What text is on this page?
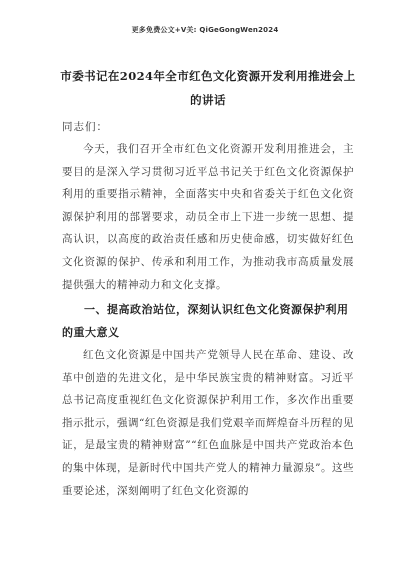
更多免费公文+V关: QiGeGongWen2024
市委书记在2024年全市红色文化资源开发利用推进会上的讲话
同志们：
今天，我们召开全市红色文化资源开发利用推进会，主要目的是深入学习贯彻习近平总书记关于红色文化资源保护利用的重要指示精神，全面落实中央和省委关于红色文化资源保护利用的部署要求，动员全市上下进一步统一思想、提高认识，以高度的政治责任感和历史使命感，切实做好红色文化资源的保护、传承和利用工作，为推动我市高质量发展提供强大的精神动力和文化支撑。
一、提高政治站位，深刻认识红色文化资源保护利用的重大意义
红色文化资源是中国共产党领导人民在革命、建设、改革中创造的先进文化，是中华民族宝贵的精神财富。习近平总书记高度重视红色文化资源保护利用工作，多次作出重要指示批示，强调“红色资源是我们党艰辛而辉煌奋斗历程的见证，是最宝贵的精神财富”“红色血脉是中国共产党政治本色的集中体现，是新时代中国共产党人的精神力量源泉”。这些重要论述，深刻阐明了红色文化资源的
